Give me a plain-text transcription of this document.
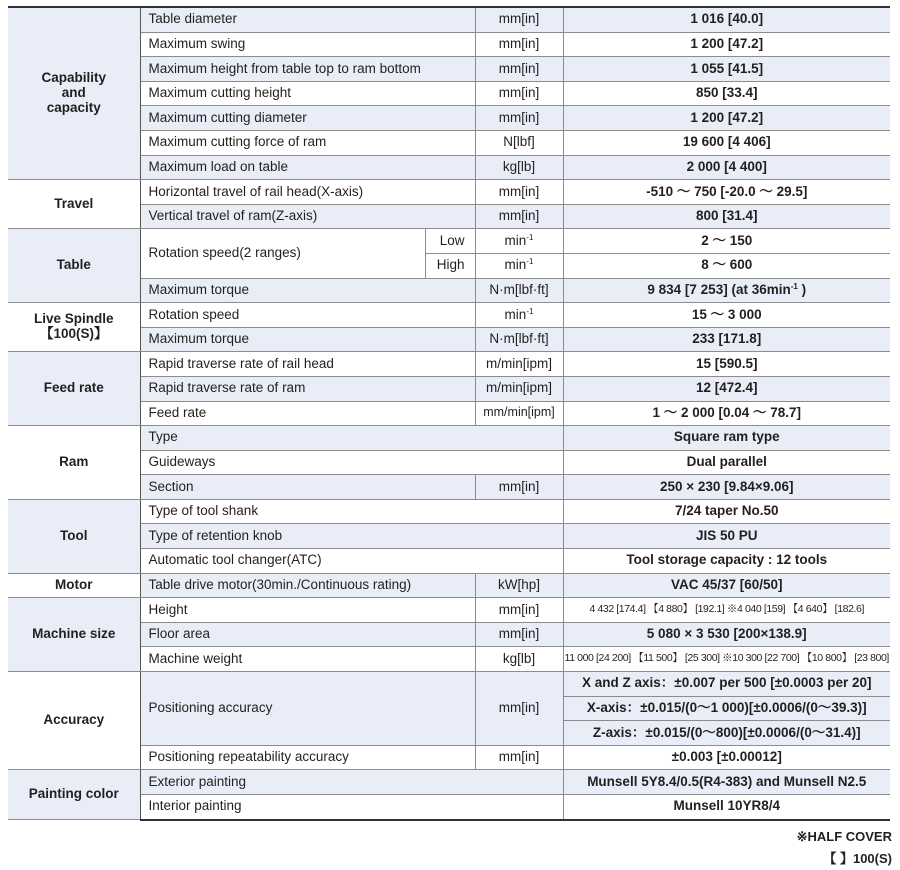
Capability
and
capacity	Table diameter		mm[in]	1 016 [40.0]
	Maximum swing		mm[in]	1 200 [47.2]
	Maximum height from table top to ram bottom		mm[in]	1 055 [41.5]
	Maximum cutting height		mm[in]	850 [33.4]
	Maximum cutting diameter		mm[in]	1 200 [47.2]
	Maximum cutting force of ram		N[lbf]	19 600 [4 406]
	Maximum load on table		kg[lb]	2 000 [4 400]
Travel	Horizontal travel of rail head(X-axis)		mm[in]	-510 〜 750 [-20.0 〜 29.5]
	Vertical travel of ram(Z-axis)		mm[in]	800 [31.4]
Table	Rotation speed(2 ranges)	Low	$\min^{-1}$	2 〜 150
		High	$\min^{-1}$	8 〜 600
	Maximum torque		N·m[lbf·ft]	9 834 [7 253] (at $36\min^{-1}$ )

Live Spindle
【100(S)】	Rotation speed		$\min^{-1}$	15 〜 3 000
	Maximum torque		N·m[lbf·ft]	233 [171.8]
Feed rate	Rapid traverse rate of rail head		m/min[ipm]	15 [590.5]
	Rapid traverse rate of ram		m/min[ipm]	12 [472.4]
	Feed rate		mm/min[ipm]	1 〜 2 000 [0.04 〜 78.7]
Ram	Type			Square ram type
	Guideways			Dual parallel
	Section		mm[in]	250 × 230 [9.84×9.06]
Tool	Type of tool shank			7/24 taper No.50
	Type of retention knob			JIS 50 PU
	Automatic tool changer(ATC)			Tool storage capacity : 12 tools
Motor	Table drive motor(30min./Continuous rating)		kW[hp]	VAC 45/37 [60/50]
Machine size	Height		mm[in]	4 432 [174.4] 【4 880】 [192.1] ※4 040 [159] 【4 640】 [182.6]
	Floor area		mm[in]	5 080 × 3 530 [200×138.9]
	Machine weight		kg[lb]	11 000 [24 200] 【11 500】 [25 300] ※10 300 [22 700] 【10 800】 [23 800]
Accuracy	Positioning accuracy		mm[in]	X and Z axis：±0.007 per 500 [±0.0003 per 20]
				X-axis：±0.015/(0〜1 000)[±0.0006/(0〜39.3)]
				Z-axis：±0.015/(0〜800)[±0.0006/(0〜31.4)]
	Positioning repeatability accuracy		mm[in]	±0.003 [±0.00012]
Painting color	Exterior painting			Munsell 5Y8.4/0.5(R4-383) and Munsell N2.5
	Interior painting			Munsell 10YR8/4
※HALF COVER
【 】100(S)
